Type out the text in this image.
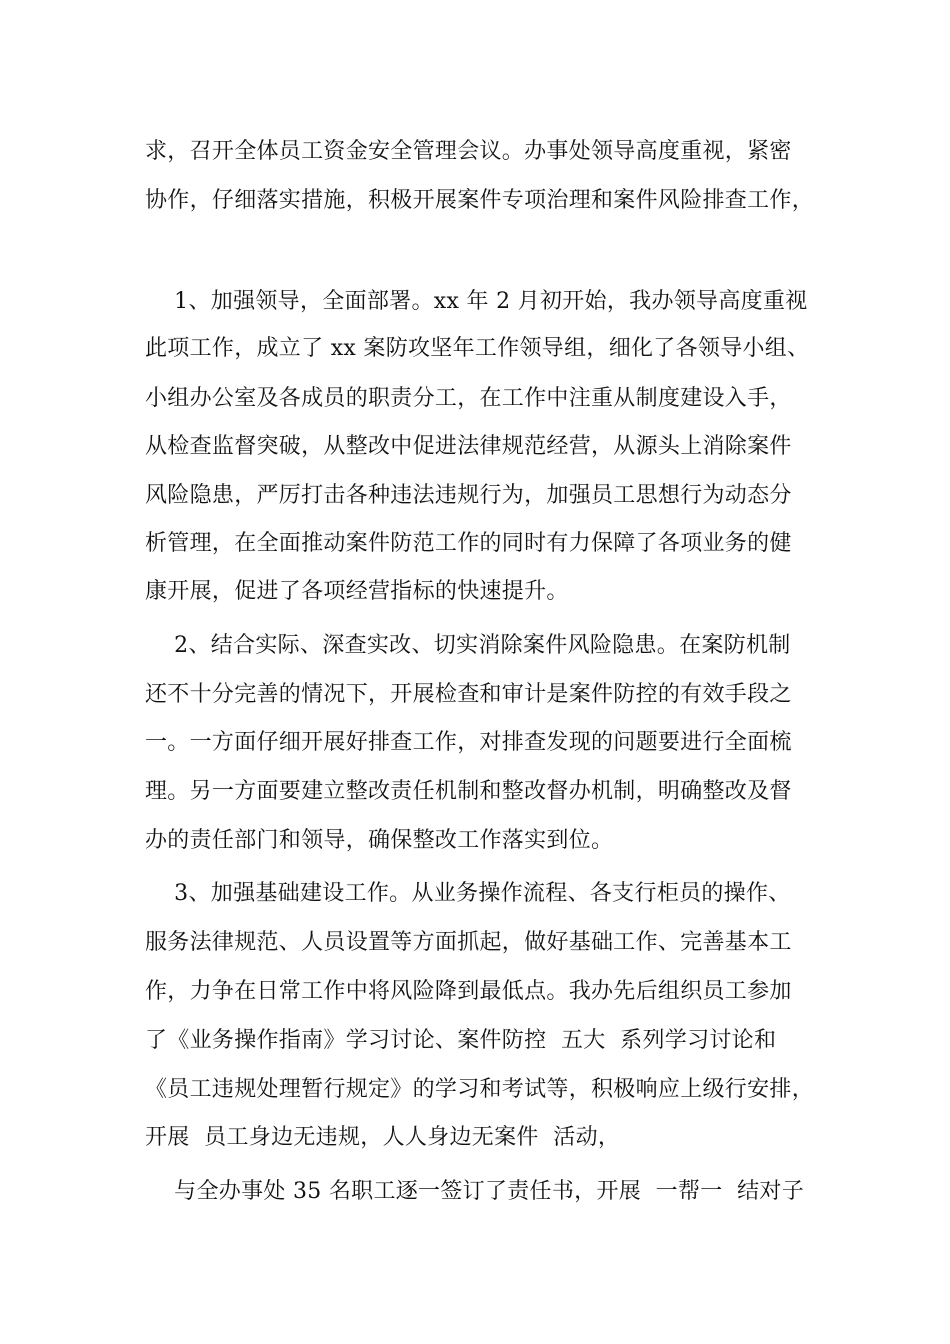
求，召开全体员工资金安全管理会议。办事处领导高度重视，紧密
协作，仔细落实措施，积极开展案件专项治理和案件风险排查工作，
1、加强领导，全面部署。xx 年 2 月初开始，我办领导高度重视
此项工作，成立了 xx 案防攻坚年工作领导组，细化了各领导小组、
小组办公室及各成员的职责分工，在工作中注重从制度建设入手，
从检查监督突破，从整改中促进法律规范经营，从源头上消除案件
风险隐患，严厉打击各种违法违规行为，加强员工思想行为动态分
析管理，在全面推动案件防范工作的同时有力保障了各项业务的健
康开展，促进了各项经营指标的快速提升。
2、结合实际、深查实改、切实消除案件风险隐患。在案防机制
还不十分完善的情况下，开展检查和审计是案件防控的有效手段之
一。一方面仔细开展好排查工作，对排查发现的问题要进行全面梳
理。另一方面要建立整改责任机制和整改督办机制，明确整改及督
办的责任部门和领导，确保整改工作落实到位。
3、加强基础建设工作。从业务操作流程、各支行柜员的操作、
服务法律规范、人员设置等方面抓起，做好基础工作、完善基本工
作，力争在日常工作中将风险降到最低点。我办先后组织员工参加
了《业务操作指南》学习讨论、案件防控  五大  系列学习讨论和
《员工违规处理暂行规定》的学习和考试等，积极响应上级行安排，
开展  员工身边无违规，人人身边无案件  活动，
与全办事处 35 名职工逐一签订了责任书，开展  一帮一  结对子
